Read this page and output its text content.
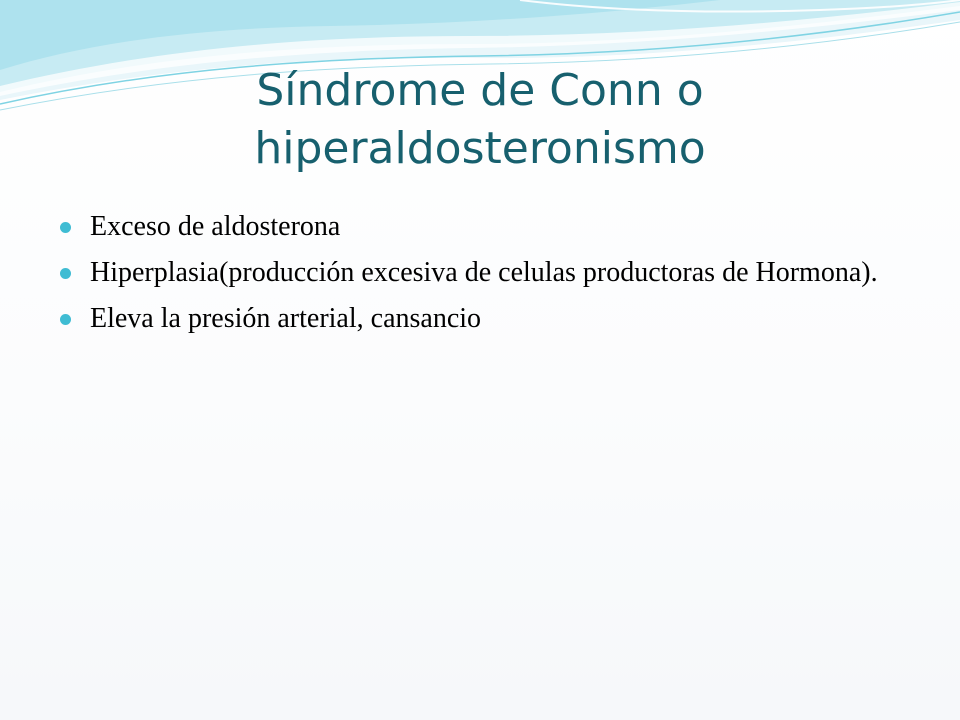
Síndrome de Conn o
hiperaldosteronismo
Exceso de aldosterona
Hiperplasia(producción excesiva de celulas productoras de Hormona).
Eleva la presión arterial, cansancio
